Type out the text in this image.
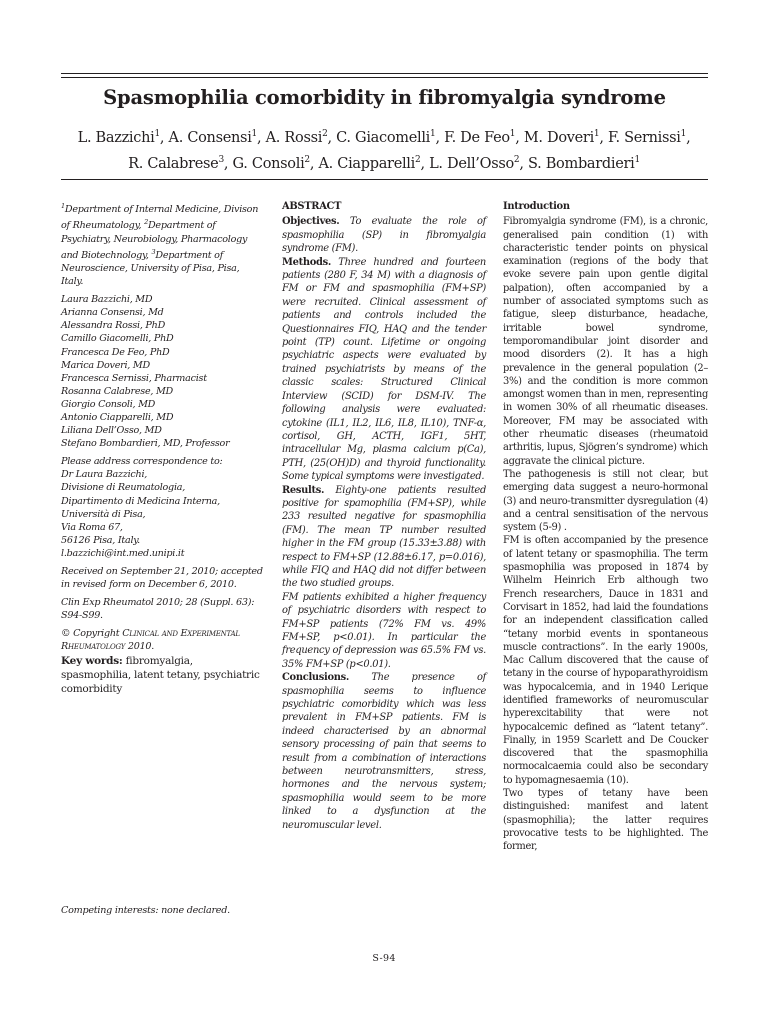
Spasmophilia comorbidity in fibromyalgia syndrome
L. Bazzichi$^1$, A. Consensi$^1$, A. Rossi$^2$, C. Giacomelli$^1$, F. De Feo$^1$, M. Doveri$^1$, F. Sernissi$^1$,
R. Calabrese$^3$, G. Consoli$^2$, A. Ciapparelli$^2$, L. Dell’Osso$^2$, S. Bombardieri$^1$

$^1$Department of Internal Medicine, Divison of Rheumatology, $^2$Department of Psychiatry, Neurobiology, Pharmacology and Biotechnology, $^3$Department of Neuroscience, University of Pisa, Pisa, Italy.

Laura Bazzichi, MD
Arianna Consensi, Md
Alessandra Rossi, PhD
Camillo Giacomelli, PhD
Francesca De Feo, PhD
Marica Doveri, MD
Francesca Sernissi, Pharmacist
Rosanna Calabrese, MD
Giorgio Consoli, MD
Antonio Ciapparelli, MD
Liliana Dell’Osso, MD
Stefano Bombardieri, MD, Professor
Please address correspondence to:
Dr Laura Bazzichi,
Divisione di Reumatologia,
Dipartimento di Medicina Interna,
Università di Pisa,
Via Roma 67,
56126 Pisa, Italy.
l.bazzichi@int.med.unipi.it

Received on September 21, 2010; accepted in revised form on December 6, 2010.

Clin Exp Rheumatol 2010; 28 (Suppl. 63): S94-S99.

© Copyright Clinical and Experimental Rheumatology 2010.

Key words: fibromyalgia, spasmophilia, latent tetany, psychiatric comorbidity

Competing interests: none declared.

ABSTRACT

Objectives. To evaluate the role of spasmophilia (SP) in fibromyalgia syndrome (FM).

Methods. Three hundred and fourteen patients (280 F, 34 M) with a diagnosis of FM or FM and spasmophilia (FM+SP) were recruited. Clinical assessment of patients and controls included the Questionnaires FIQ, HAQ and the tender point (TP) count. Lifetime or ongoing psychiatric aspects were evaluated by trained psychiatrists by means of the classic scales: Structured Clinical Interview (SCID) for DSM-IV. The following analysis were evaluated: cytokine (IL1, IL2, IL6, IL8, IL10), TNF-α, cortisol, GH, ACTH, IGF1, 5HT, intracellular Mg, plasma calcium p(Ca), PTH, (25(OH)D) and thyroid functionality. Some typical symptoms were investigated.

Results. Eighty-one patients resulted positive for spamophilia (FM+SP), while 233 resulted negative for spasmophilia (FM). The mean TP number resulted higher in the FM group (15.33±3.88) with respect to FM+SP (12.88±6.17, p=0.016), while FIQ and HAQ did not differ between the two studied groups.

FM patients exhibited a higher frequency of psychiatric disorders with respect to FM+SP patients (72% FM vs. 49% FM+SP, p<0.01). In particular the frequency of depression was 65.5% FM vs. 35% FM+SP (p<0.01).

Conclusions. The presence of spasmophilia seems to influence psychiatric comorbidity which was less prevalent in FM+SP patients. FM is indeed characterised by an abnormal sensory processing of pain that seems to result from a combination of interactions between neurotransmitters, stress, hormones and the nervous system; spasmophilia would seem to be more linked to a dysfunction at the neuromuscular level.

Introduction

Fibromyalgia syndrome (FM), is a chronic, generalised pain condition (1) with characteristic tender points on physical examination (regions of the body that evoke severe pain upon gentle digital palpation), often accompanied by a number of associated symptoms such as fatigue, sleep disturbance, headache, irritable bowel syndrome, temporomandibular joint disorder and mood disorders (2). It has a high prevalence in the general population (2–3%) and the condition is more common amongst women than in men, representing in women 30% of all rheumatic diseases. Moreover, FM may be associated with other rheumatic diseases (rheumatoid arthritis, lupus, Sjögren’s syndrome) which aggravate the clinical picture.

The pathogenesis is still not clear, but emerging data suggest a neuro-hormonal (3) and neuro-transmitter dysregulation (4) and a central sensitisation of the nervous system (5-9) .

FM is often accompanied by the presence of latent tetany or spasmophilia. The term spasmophilia was proposed in 1874 by Wilhelm Heinrich Erb although two French researchers, Dauce in 1831 and Corvisart in 1852, had laid the foundations for an independent classification called “tetany morbid events in spontaneous muscle contractions”. In the early 1900s, Mac Callum discovered that the cause of tetany in the course of hypoparathyroidism was hypocalcemia, and in 1940 Lerique identified frameworks of neuromuscular hyperexcitability that were not hypocalcemic defined as “latent tetany”. Finally, in 1959 Scarlett and De Coucker discovered that the spasmophilia normocalcaemia could also be secondary to hypomagnesaemia (10).

Two types of tetany have been distinguished: manifest and latent (spasmophilia); the latter requires provocative tests to be highlighted. The former,

S-94
